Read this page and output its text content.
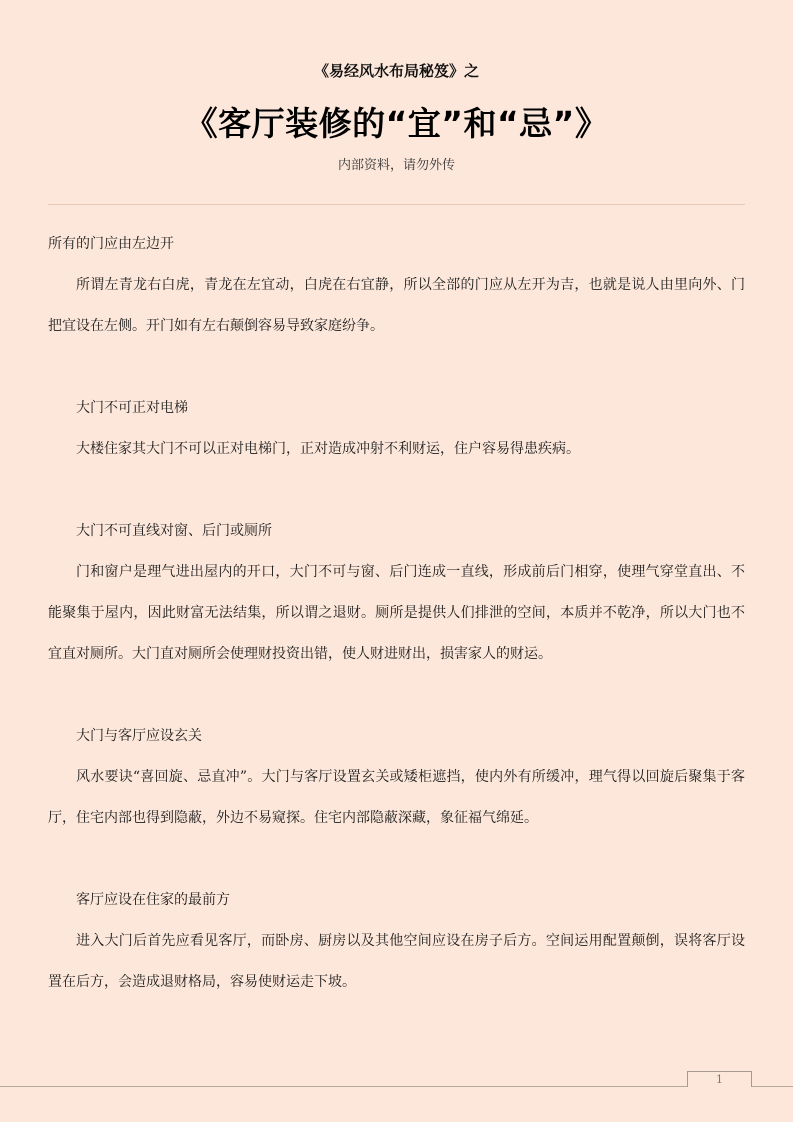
《易经风水布局秘笈》之
《客厅装修的“宜”和“忌”》
内部资料，请勿外传

所有的门应由左边开

所谓左青龙右白虎，青龙在左宜动，白虎在右宜静，所以全部的门应从左开为吉，也就是说人由里向外、门把宜设在左侧。开门如有左右颠倒容易导致家庭纷争。

大门不可正对电梯

大楼住家其大门不可以正对电梯门，正对造成冲射不利财运，住户容易得患疾病。

大门不可直线对窗、后门或厕所

门和窗户是理气进出屋内的开口，大门不可与窗、后门连成一直线，形成前后门相穿，使理气穿堂直出、不能聚集于屋内，因此财富无法结集，所以谓之退财。厕所是提供人们排泄的空间，本质并不乾净，所以大门也不宜直对厕所。大门直对厕所会使理财投资出错，使人财进财出，损害家人的财运。

大门与客厅应设玄关

风水要诀“喜回旋、忌直冲”。大门与客厅设置玄关或矮柜遮挡，使内外有所缓冲，理气得以回旋后聚集于客厅，住宅内部也得到隐蔽，外边不易窥探。住宅内部隐蔽深藏，象征福气绵延。

客厅应设在住家的最前方

进入大门后首先应看见客厅，而卧房、厨房以及其他空间应设在房子后方。空间运用配置颠倒，误将客厅设置在后方，会造成退财格局，容易使财运走下坡。

1
